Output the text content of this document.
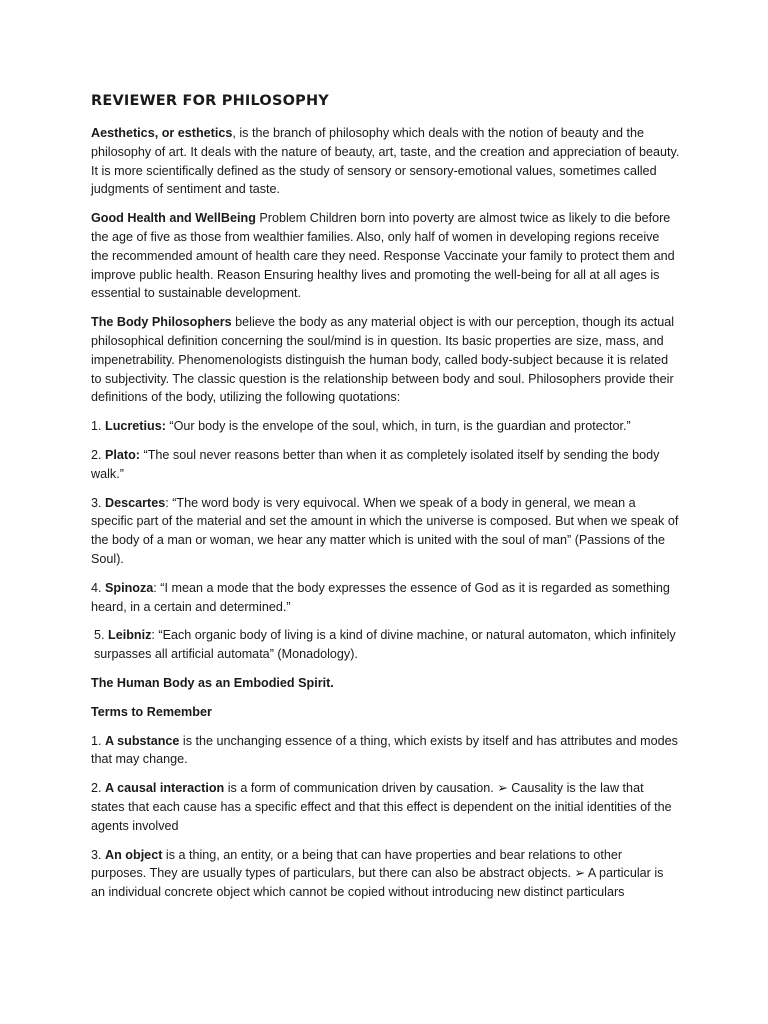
REVIEWER FOR PHILOSOPHY

Aesthetics, or esthetics, is the branch of philosophy which deals with the notion of beauty and the philosophy of art. It deals with the nature of beauty, art, taste, and the creation and appreciation of beauty. It is more scientifically defined as the study of sensory or sensory-emotional values, sometimes called judgments of sentiment and taste.

Good Health and WellBeing Problem Children born into poverty are almost twice as likely to die before the age of five as those from wealthier families. Also, only half of women in developing regions receive the recommended amount of health care they need. Response Vaccinate your family to protect them and improve public health. Reason Ensuring healthy lives and promoting the well-being for all at all ages is essential to sustainable development.

The Body Philosophers believe the body as any material object is with our perception, though its actual philosophical definition concerning the soul/mind is in question. Its basic properties are size, mass, and impenetrability. Phenomenologists distinguish the human body, called body-subject because it is related to subjectivity. The classic question is the relationship between body and soul. Philosophers provide their definitions of the body, utilizing the following quotations:

1. Lucretius: “Our body is the envelope of the soul, which, in turn, is the guardian and protector.”

2. Plato: “The soul never reasons better than when it as completely isolated itself by sending the body walk.”

3. Descartes: “The word body is very equivocal. When we speak of a body in general, we mean a specific part of the material and set the amount in which the universe is composed. But when we speak of the body of a man or woman, we hear any matter which is united with the soul of man” (Passions of the Soul).

4. Spinoza: “I mean a mode that the body expresses the essence of God as it is regarded as something heard, in a certain and determined.”

5. Leibniz: “Each organic body of living is a kind of divine machine, or natural automaton, which infinitely surpasses all artificial automata” (Monadology).

The Human Body as an Embodied Spirit.

Terms to Remember

1. A substance is the unchanging essence of a thing, which exists by itself and has attributes and modes that may change.

2. A causal interaction is a form of communication driven by causation. ➢ Causality is the law that states that each cause has a specific effect and that this effect is dependent on the initial identities of the agents involved

3. An object is a thing, an entity, or a being that can have properties and bear relations to other purposes. They are usually types of particulars, but there can also be abstract objects. ➢ A particular is an individual concrete object which cannot be copied without introducing new distinct particulars
